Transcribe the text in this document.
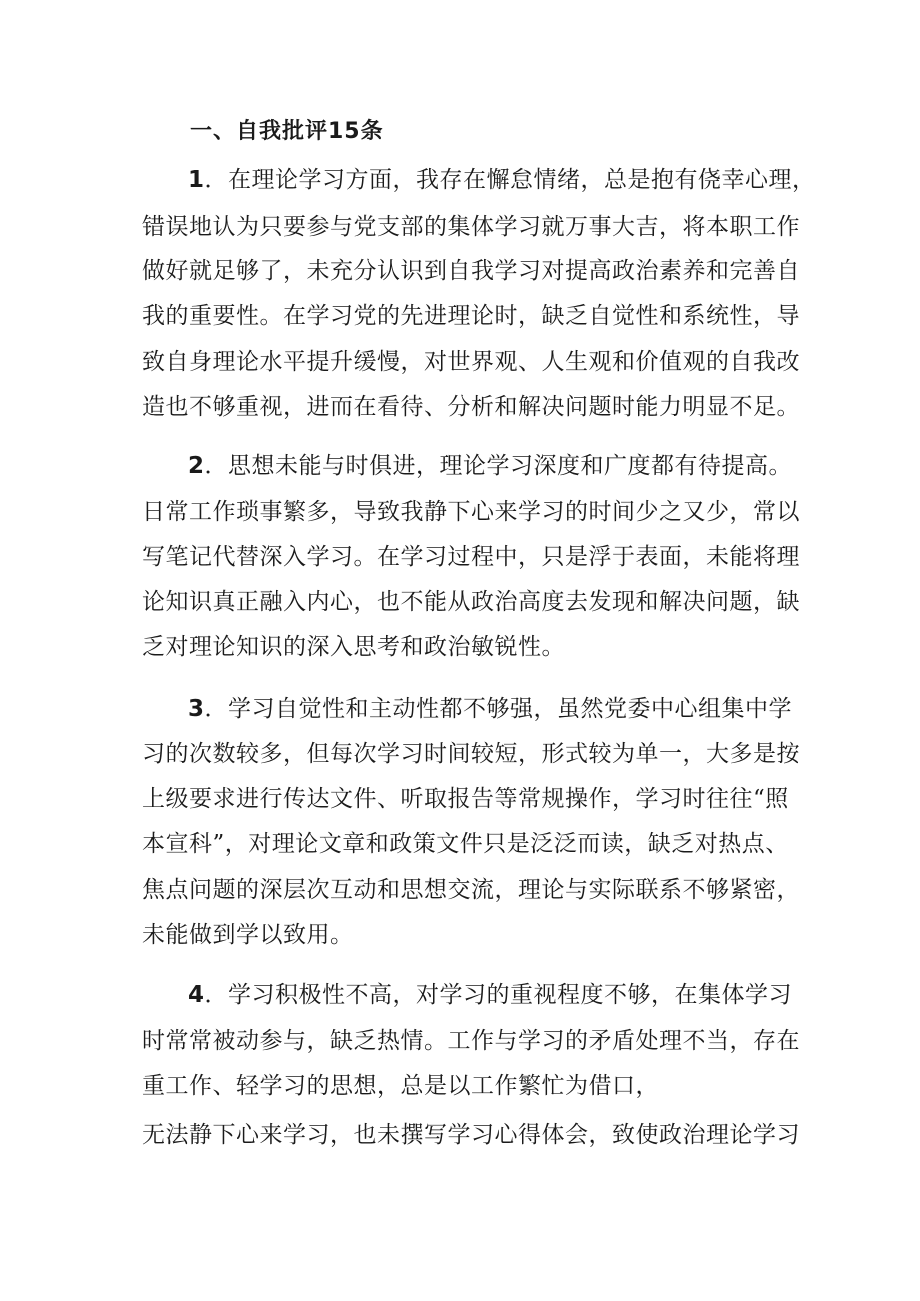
一、自我批评15条
1．在理论学习方面，我存在懈怠情绪，总是抱有侥幸心理，
错误地认为只要参与党支部的集体学习就万事大吉，将本职工作
做好就足够了，未充分认识到自我学习对提高政治素养和完善自
我的重要性。在学习党的先进理论时，缺乏自觉性和系统性，导
致自身理论水平提升缓慢，对世界观、人生观和价值观的自我改
造也不够重视，进而在看待、分析和解决问题时能力明显不足。
2．思想未能与时俱进，理论学习深度和广度都有待提高。
日常工作琐事繁多，导致我静下心来学习的时间少之又少，常以
写笔记代替深入学习。在学习过程中，只是浮于表面，未能将理
论知识真正融入内心，也不能从政治高度去发现和解决问题，缺
乏对理论知识的深入思考和政治敏锐性。
3．学习自觉性和主动性都不够强，虽然党委中心组集中学
习的次数较多，但每次学习时间较短，形式较为单一，大多是按
上级要求进行传达文件、听取报告等常规操作，学习时往往“照
本宣科”，对理论文章和政策文件只是泛泛而读，缺乏对热点、
焦点问题的深层次互动和思想交流，理论与实际联系不够紧密，
未能做到学以致用。
4．学习积极性不高，对学习的重视程度不够，在集体学习
时常常被动参与，缺乏热情。工作与学习的矛盾处理不当，存在
重工作、轻学习的思想，总是以工作繁忙为借口，
无法静下心来学习，也未撰写学习心得体会，致使政治理论学习
